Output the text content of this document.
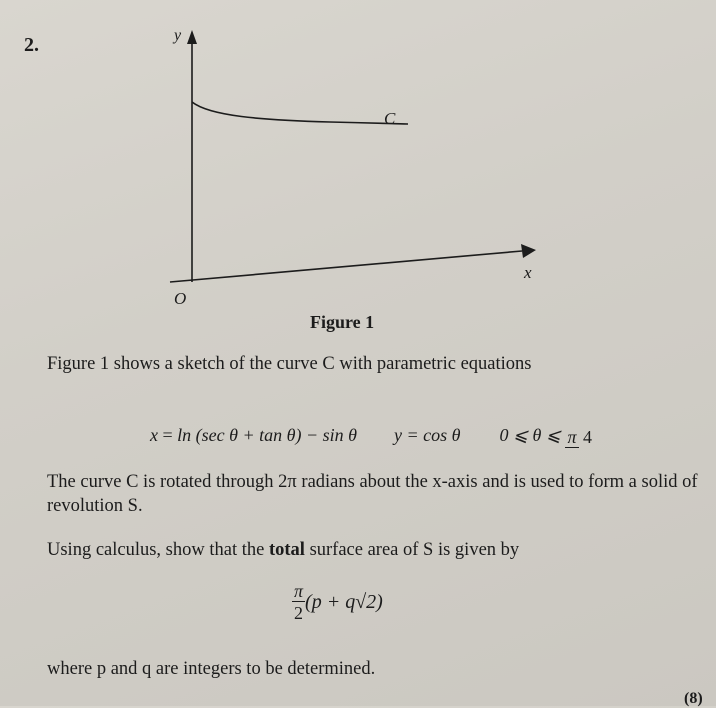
2.	y
x
O
C
Figure 1
Figure 1 shows a sketch of the curve C with parametric equations
x = ln (sec θ + tan θ) − sin θ y = cos θ 0 ⩽ θ ⩽ π 4
The curve C is rotated through 2π radians about the x-axis and is used to form a solid of revolution S.
Using calculus, show that the total surface area of S is given by
$\frac{\pi}{2} (p + q√2)$
where p and q are integers to be determined.
(8)
